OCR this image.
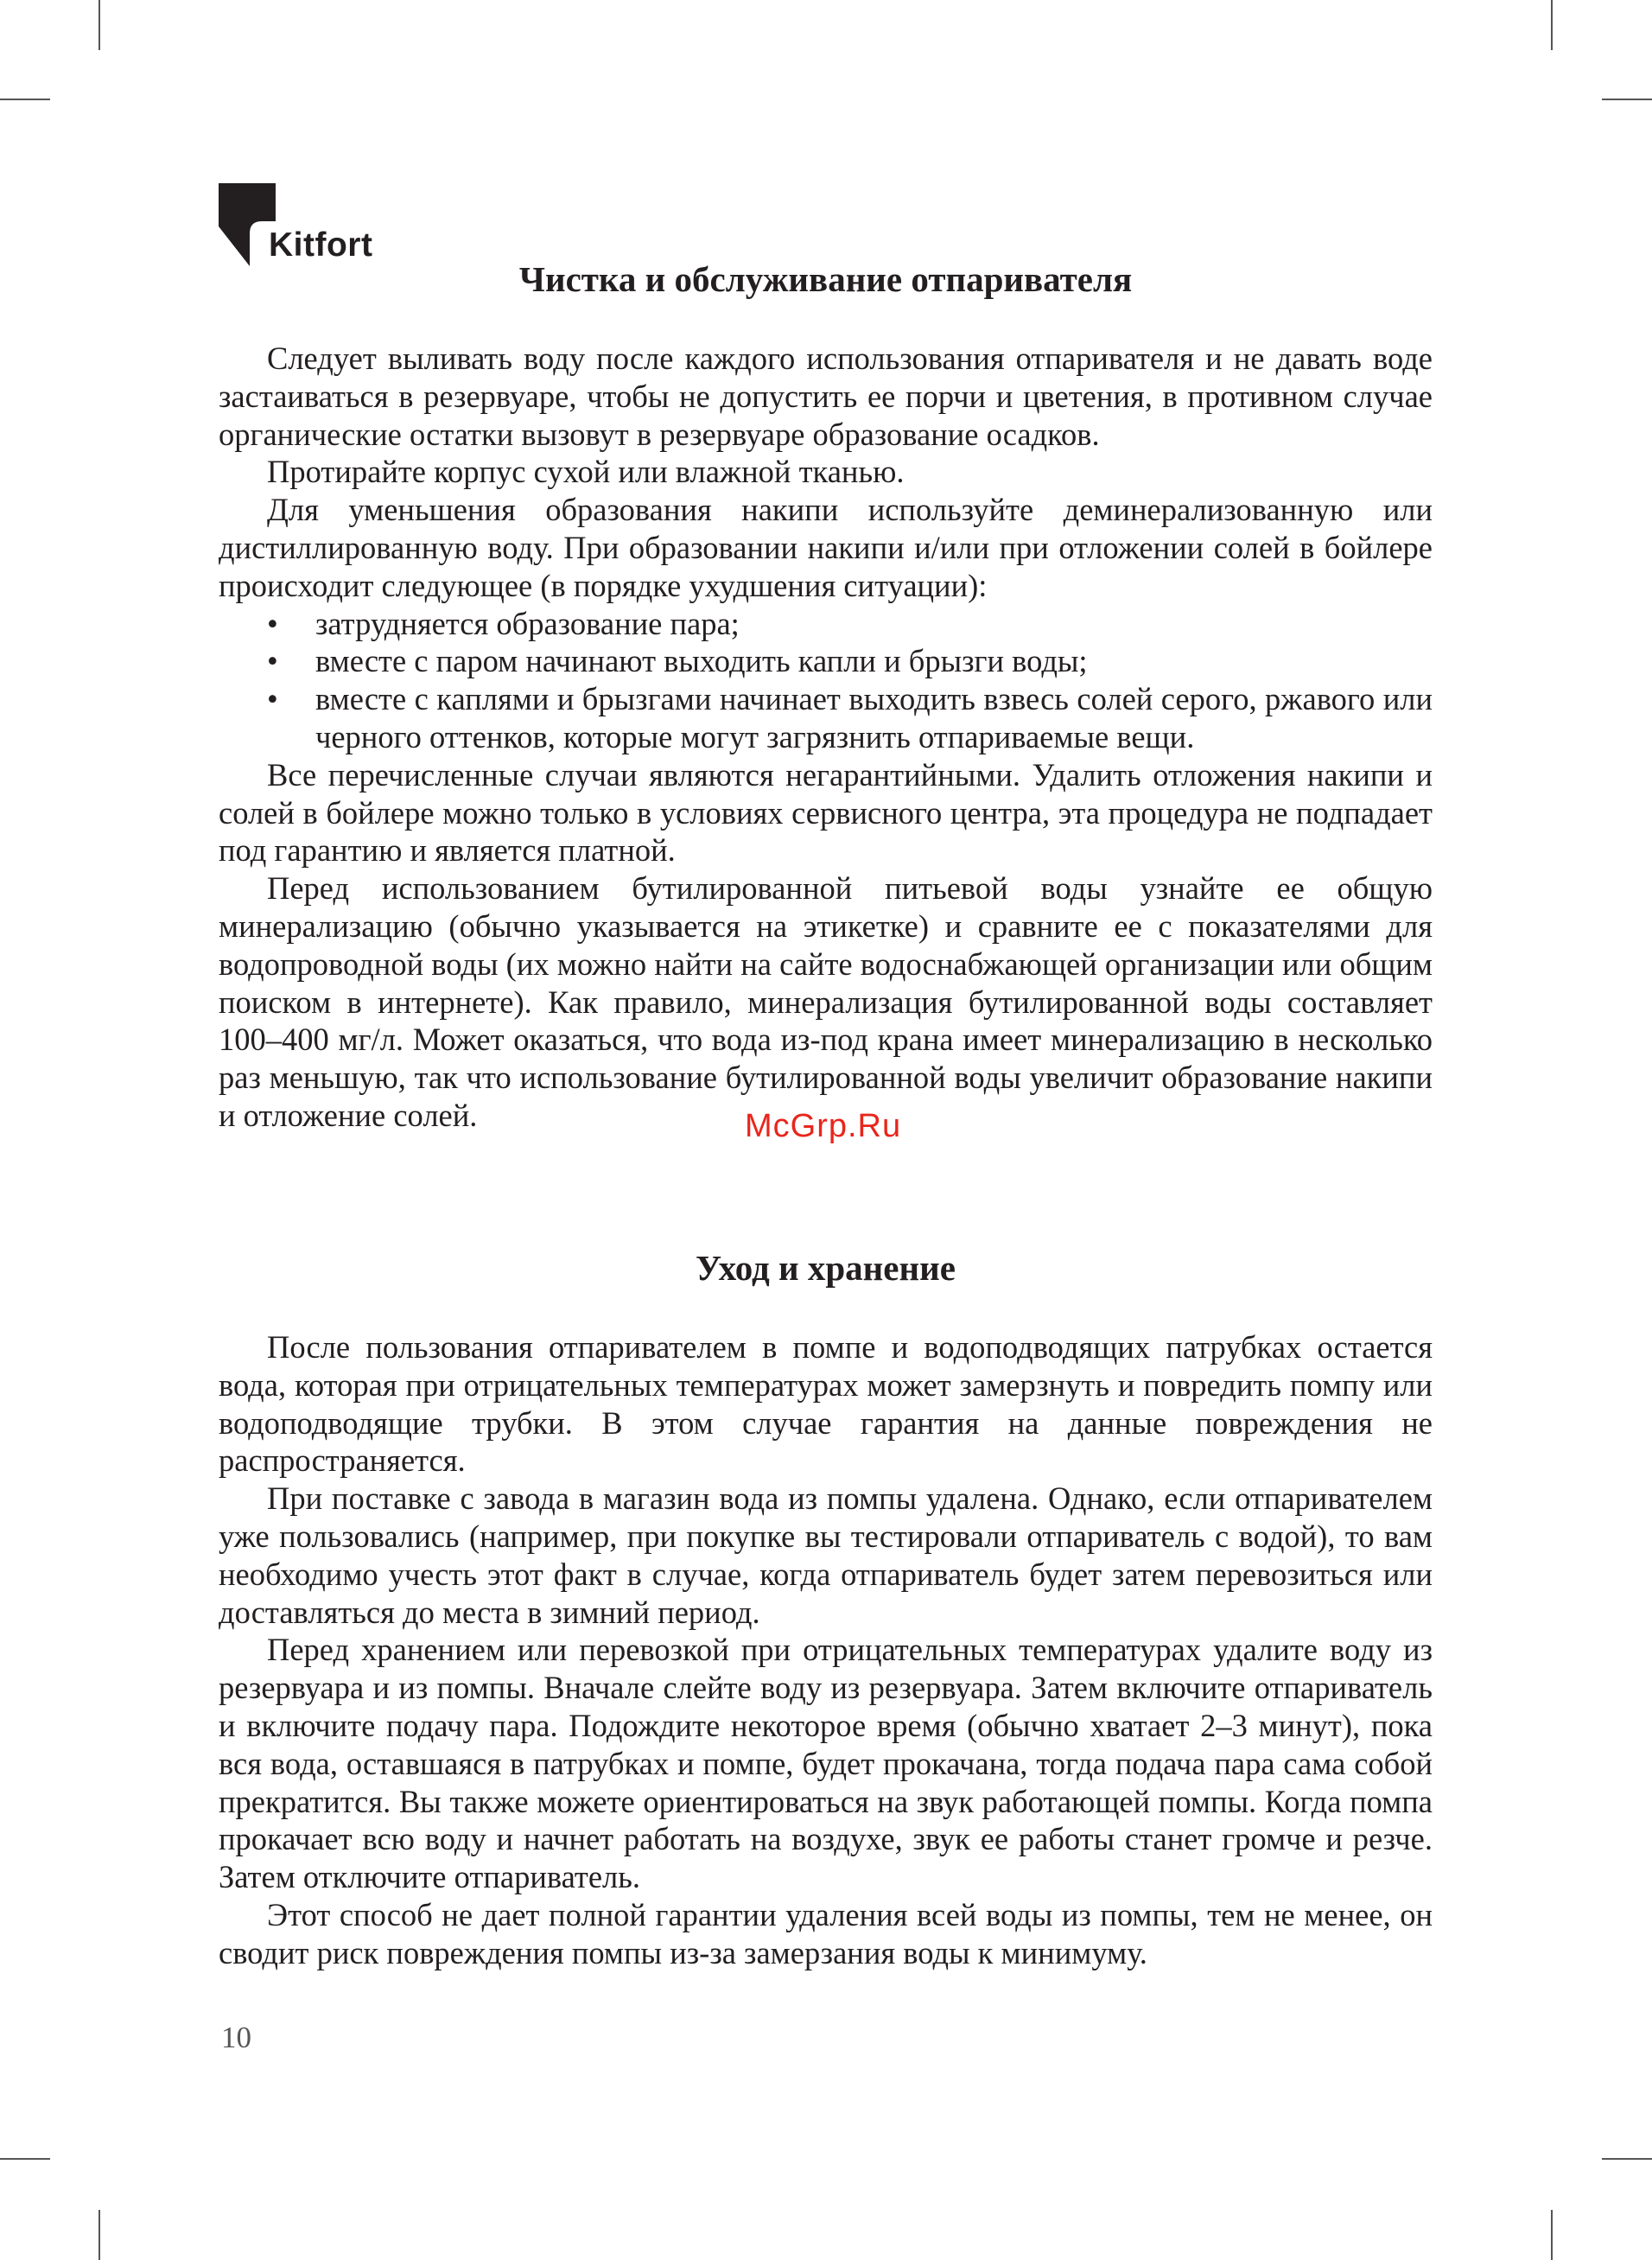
Kitfort
Чистка и обслуживание отпаривателя

Следует выливать воду после каждого использования отпаривателя и не давать воде застаиваться в резервуаре, чтобы не допустить ее порчи и цветения, в противном случае органические остатки вызовут в резервуаре образование осадков.

Протирайте корпус сухой или влажной тканью.

Для уменьшения образования накипи используйте деминерализованную или дистиллированную воду. При образовании накипи и/или при отложении солей в бойлере происходит следующее (в порядке ухудшения ситуации):

• затрудняется образование пара;
• вместе с паром начинают выходить капли и брызги воды;
• вместе с каплями и брызгами начинает выходить взвесь солей серого, ржавого или черного оттенков, которые могут загрязнить отпариваемые вещи.

Все перечисленные случаи являются негарантийными. Удалить отложения накипи и солей в бойлере можно только в условиях сервисного центра, эта процедура не подпадает под гарантию и является платной.

Перед использованием бутилированной питьевой воды узнайте ее общую минерализацию (обычно указывается на этикетке) и сравните ее с показателями для водопроводной воды (их можно найти на сайте водоснабжающей организации или общим поиском в интернете). Как правило, минерализация бутилированной воды составляет 100–400 мг/л. Может оказаться, что вода из-под крана имеет минерализацию в несколько раз меньшую, так что использование бутилированной воды увеличит образование накипи и отложение солей.	McGrp.Ru
Уход и хранение

После пользования отпаривателем в помпе и водоподводящих патрубках остается вода, которая при отрицательных температурах может замерзнуть и повредить помпу или водоподводящие трубки. В этом случае гарантия на данные повреждения не распространяется.

При поставке с завода в магазин вода из помпы удалена. Однако, если отпаривателем уже пользовались (например, при покупке вы тестировали отпариватель с водой), то вам необходимо учесть этот факт в случае, когда отпариватель будет затем перевозиться или доставляться до места в зимний период.

Перед хранением или перевозкой при отрицательных температурах удалите воду из резервуара и из помпы. Вначале слейте воду из резервуара. Затем включите отпариватель и включите подачу пара. Подождите некоторое время (обычно хватает 2–3 минут), пока вся вода, оставшаяся в патрубках и помпе, будет прокачана, тогда подача пара сама собой прекратится. Вы также можете ориентироваться на звук работающей помпы. Когда помпа прокачает всю воду и начнет работать на воздухе, звук ее работы станет громче и резче. Затем отключите отпариватель.

Этот способ не дает полной гарантии удаления всей воды из помпы, тем не менее, он сводит риск повреждения помпы из-за замерзания воды к минимуму.

10
